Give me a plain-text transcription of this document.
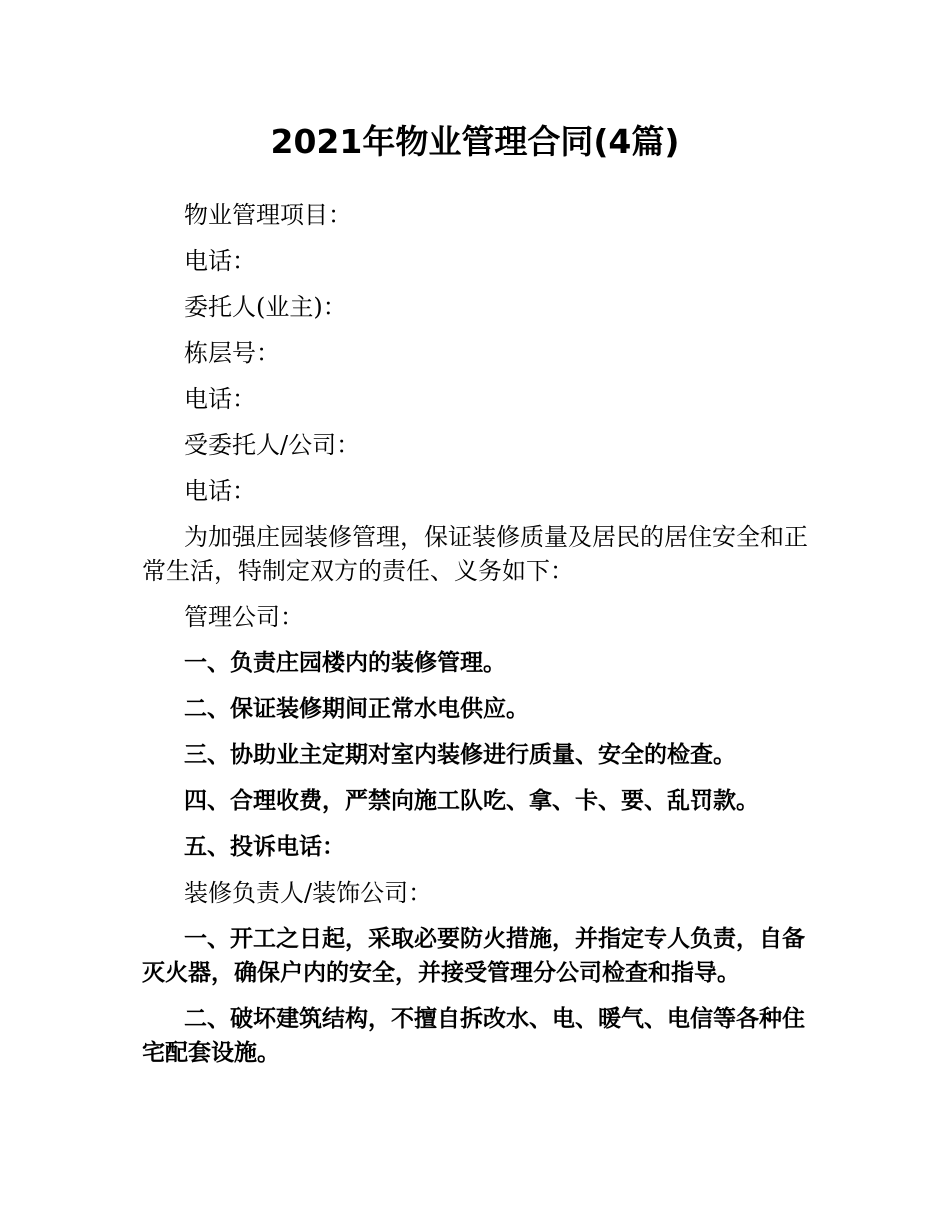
2021年物业管理合同(4篇)

物业管理项目：

电话：

委托人(业主)：

栋层号：

电话：

受委托人/公司：

电话：

为加强庄园装修管理，保证装修质量及居民的居住安全和正常生活，特制定双方的责任、义务如下：

管理公司：

一、负责庄园楼内的装修管理。

二、保证装修期间正常水电供应。

三、协助业主定期对室内装修进行质量、安全的检查。

四、合理收费，严禁向施工队吃、拿、卡、要、乱罚款。

五、投诉电话：

装修负责人/装饰公司：

一、开工之日起，采取必要防火措施，并指定专人负责，自备灭火器，确保户内的安全，并接受管理分公司检查和指导。

二、破坏建筑结构，不擅自拆改水、电、暖气、电信等各种住宅配套设施。
